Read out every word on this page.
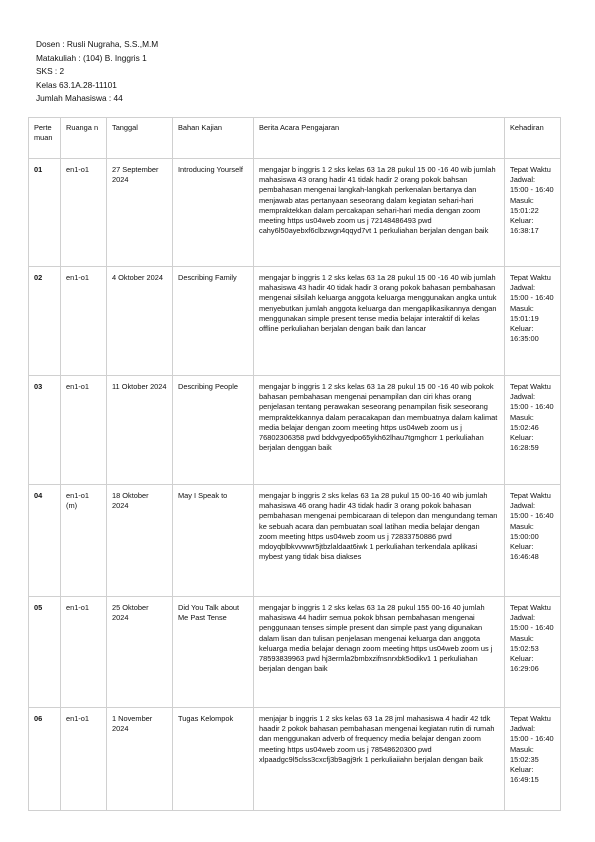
Dosen : Rusli Nugraha, S.S.,M.M
Matakuliah : (104) B. Inggris 1
SKS : 2
Kelas 63.1A.28-11101
Jumlah Mahasiswa : 44
Perte muan	Ruanga n	Tanggal	Bahan Kajian	Berita Acara Pengajaran	Kehadiran
01	en1-o1	27 September 2024	Introducing Yourself	mengajar b inggris 1 2 sks kelas 63 1a 28 pukul 15 00 -16 40 wib jumlah mahasiswa 43 orang hadir 41 tidak hadir 2 orang pokok bahsan pembahasan mengenai langkah-langkah perkenalan bertanya dan menjawab atas pertanyaan seseorang dalam kegiatan sehari-hari mempraktekkan dalam percakapan sehari-hari media dengan zoom meeting https us04web zoom us j 72148486493 pwd cahy6l50ayebxf6clbzwgn4qqyd7vt 1 perkuliahan berjalan dengan baik	Tepat Waktu Jadwal: 15:00 - 16:40 Masuk: 15:01:22 Keluar: 16:38:17
02	en1-o1	4 Oktober 2024	Describing Family	mengajar b inggris 1 2 sks kelas 63 1a 28 pukul 15 00 -16 40 wib jumlah mahasiswa 43 hadir 40 tidak hadir 3 orang pokok bahasan pembahasan mengenai silsilah keluarga anggota keluarga menggunakan angka untuk menyebutkan jumlah anggota keluarga dan mengaplikasikannya dengan menggunakan simple present tense media belajar interaktif di kelas offline perkuliahan berjalan dengan baik dan lancar	Tepat Waktu Jadwal: 15:00 - 16:40 Masuk: 15:01:19 Keluar: 16:35:00
03	en1-o1	11 Oktober 2024	Describing People	mengajar b inggris 1 2 sks kelas 63 1a 28 pukul 15 00 -16 40 wib pokok bahasan pembahasan mengenai penampilan dan ciri khas orang penjelasan tentang perawakan seseorang penampilan fisik seseorang mempraktekkannya dalam peracakapan dan membuatnya dalam kalimat media belajar dengan zoom meeting https us04web zoom us j 76802306358 pwd bddvgyedpo65ykh62lhau7tgmghcrr 1 perkuliahan berjalan denggan baik	Tepat Waktu Jadwal: 15:00 - 16:40 Masuk: 15:02:46 Keluar: 16:28:59
04	en1-o1 (m)	18 Oktober 2024	May I Speak to	mengajar b inggris 2 sks kelas 63 1a 28 pukul 15 00-16 40 wib jumlah mahasiswa 46 orang hadir 43 tidak hadir 3 orang pokok bahasan pembahasan mengenai pembicaraan di telepon dan mengundang teman ke sebuah acara dan pembuatan soal latihan media belajar dengan zoom meeting https us04web zoom us j 72833750886 pwd mdoyqblbkvvwwr5jtbzlaldaat6iwk 1 perkuliahan terkendala aplikasi mybest yang tidak bisa diakses	Tepat Waktu Jadwal: 15:00 - 16:40 Masuk: 15:00:00 Keluar: 16:46:48
05	en1-o1	25 Oktober 2024	Did You Talk about Me Past Tense	mengajar b inggris 1 2 sks kelas 63 1a 28 pukul 155 00-16 40 jumlah mahasiswa 44 hadirr semua pokok bhsan pembahasan mengenai penggunaan tenses simple present dan simple past yang digunakan dalam lisan dan tulisan penjelasan mengenai keluarga dan anggota keluarga media belajar denagn zoom meeting https us04web zoom us j 78593839963 pwd hj3ermla2bmbxzifnsnrxbk5odikv1 1 perkuliahan berjalan dengan baik	Tepat Waktu Jadwal: 15:00 - 16:40 Masuk: 15:02:53 Keluar: 16:29:06
06	en1-o1	1 November 2024	Tugas Kelompok	menjajar b inggris 1 2 sks kelas 63 1a 28 jml mahasiswa 4 hadir 42 tdk haadir 2 pokok bahasan pembahasan mengenai kegiatan rutin di rumah dan menggunakan adverb of frequency media belajar dengan zoom meeting https us04web zoom us j 78548620300 pwd xlpaadgc9l5clss3cxcfj3b9agj9rk 1 perkuliaiiahn berjalan dengan baik	Tepat Waktu Jadwal: 15:00 - 16:40 Masuk: 15:02:35 Keluar: 16:49:15
